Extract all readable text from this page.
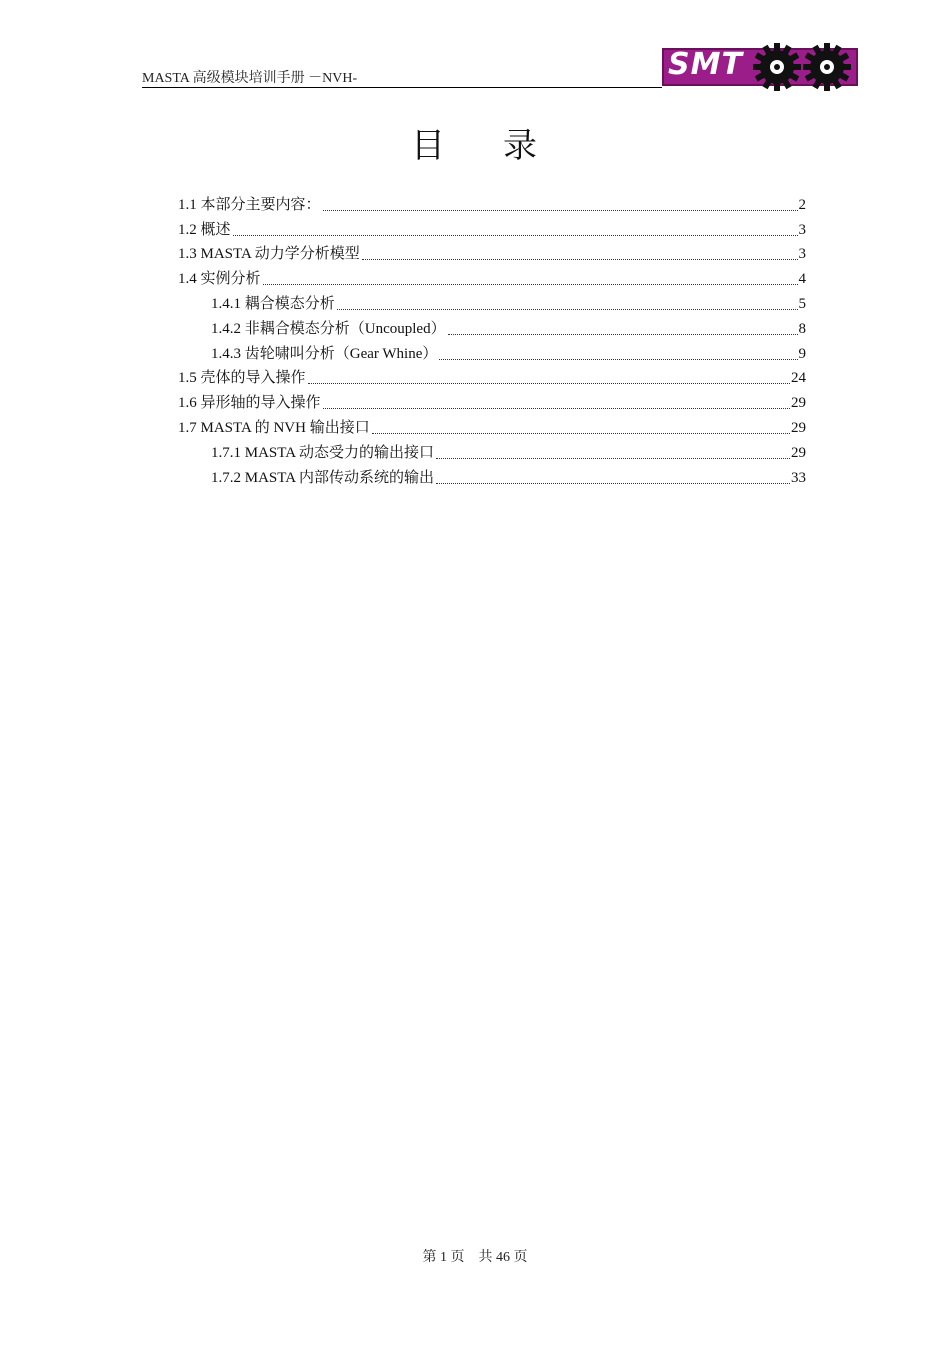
MASTA 高级模块培训手册 －NVH-	SMT
目 录
1.1 本部分主要内容：	2
1.2 概述	3
1.3 MASTA 动力学分析模型	3
1.4 实例分析	4
1.4.1 耦合模态分析	5
1.4.2 非耦合模态分析（Uncoupled）	8
1.4.3 齿轮啸叫分析（Gear Whine）	9
1.5 壳体的导入操作	24
1.6 异形轴的导入操作	29
1.7 MASTA 的 NVH 输出接口	29
1.7.1 MASTA 动态受力的输出接口	29
1.7.2 MASTA 内部传动系统的输出	33
第 1 页　共 46 页
